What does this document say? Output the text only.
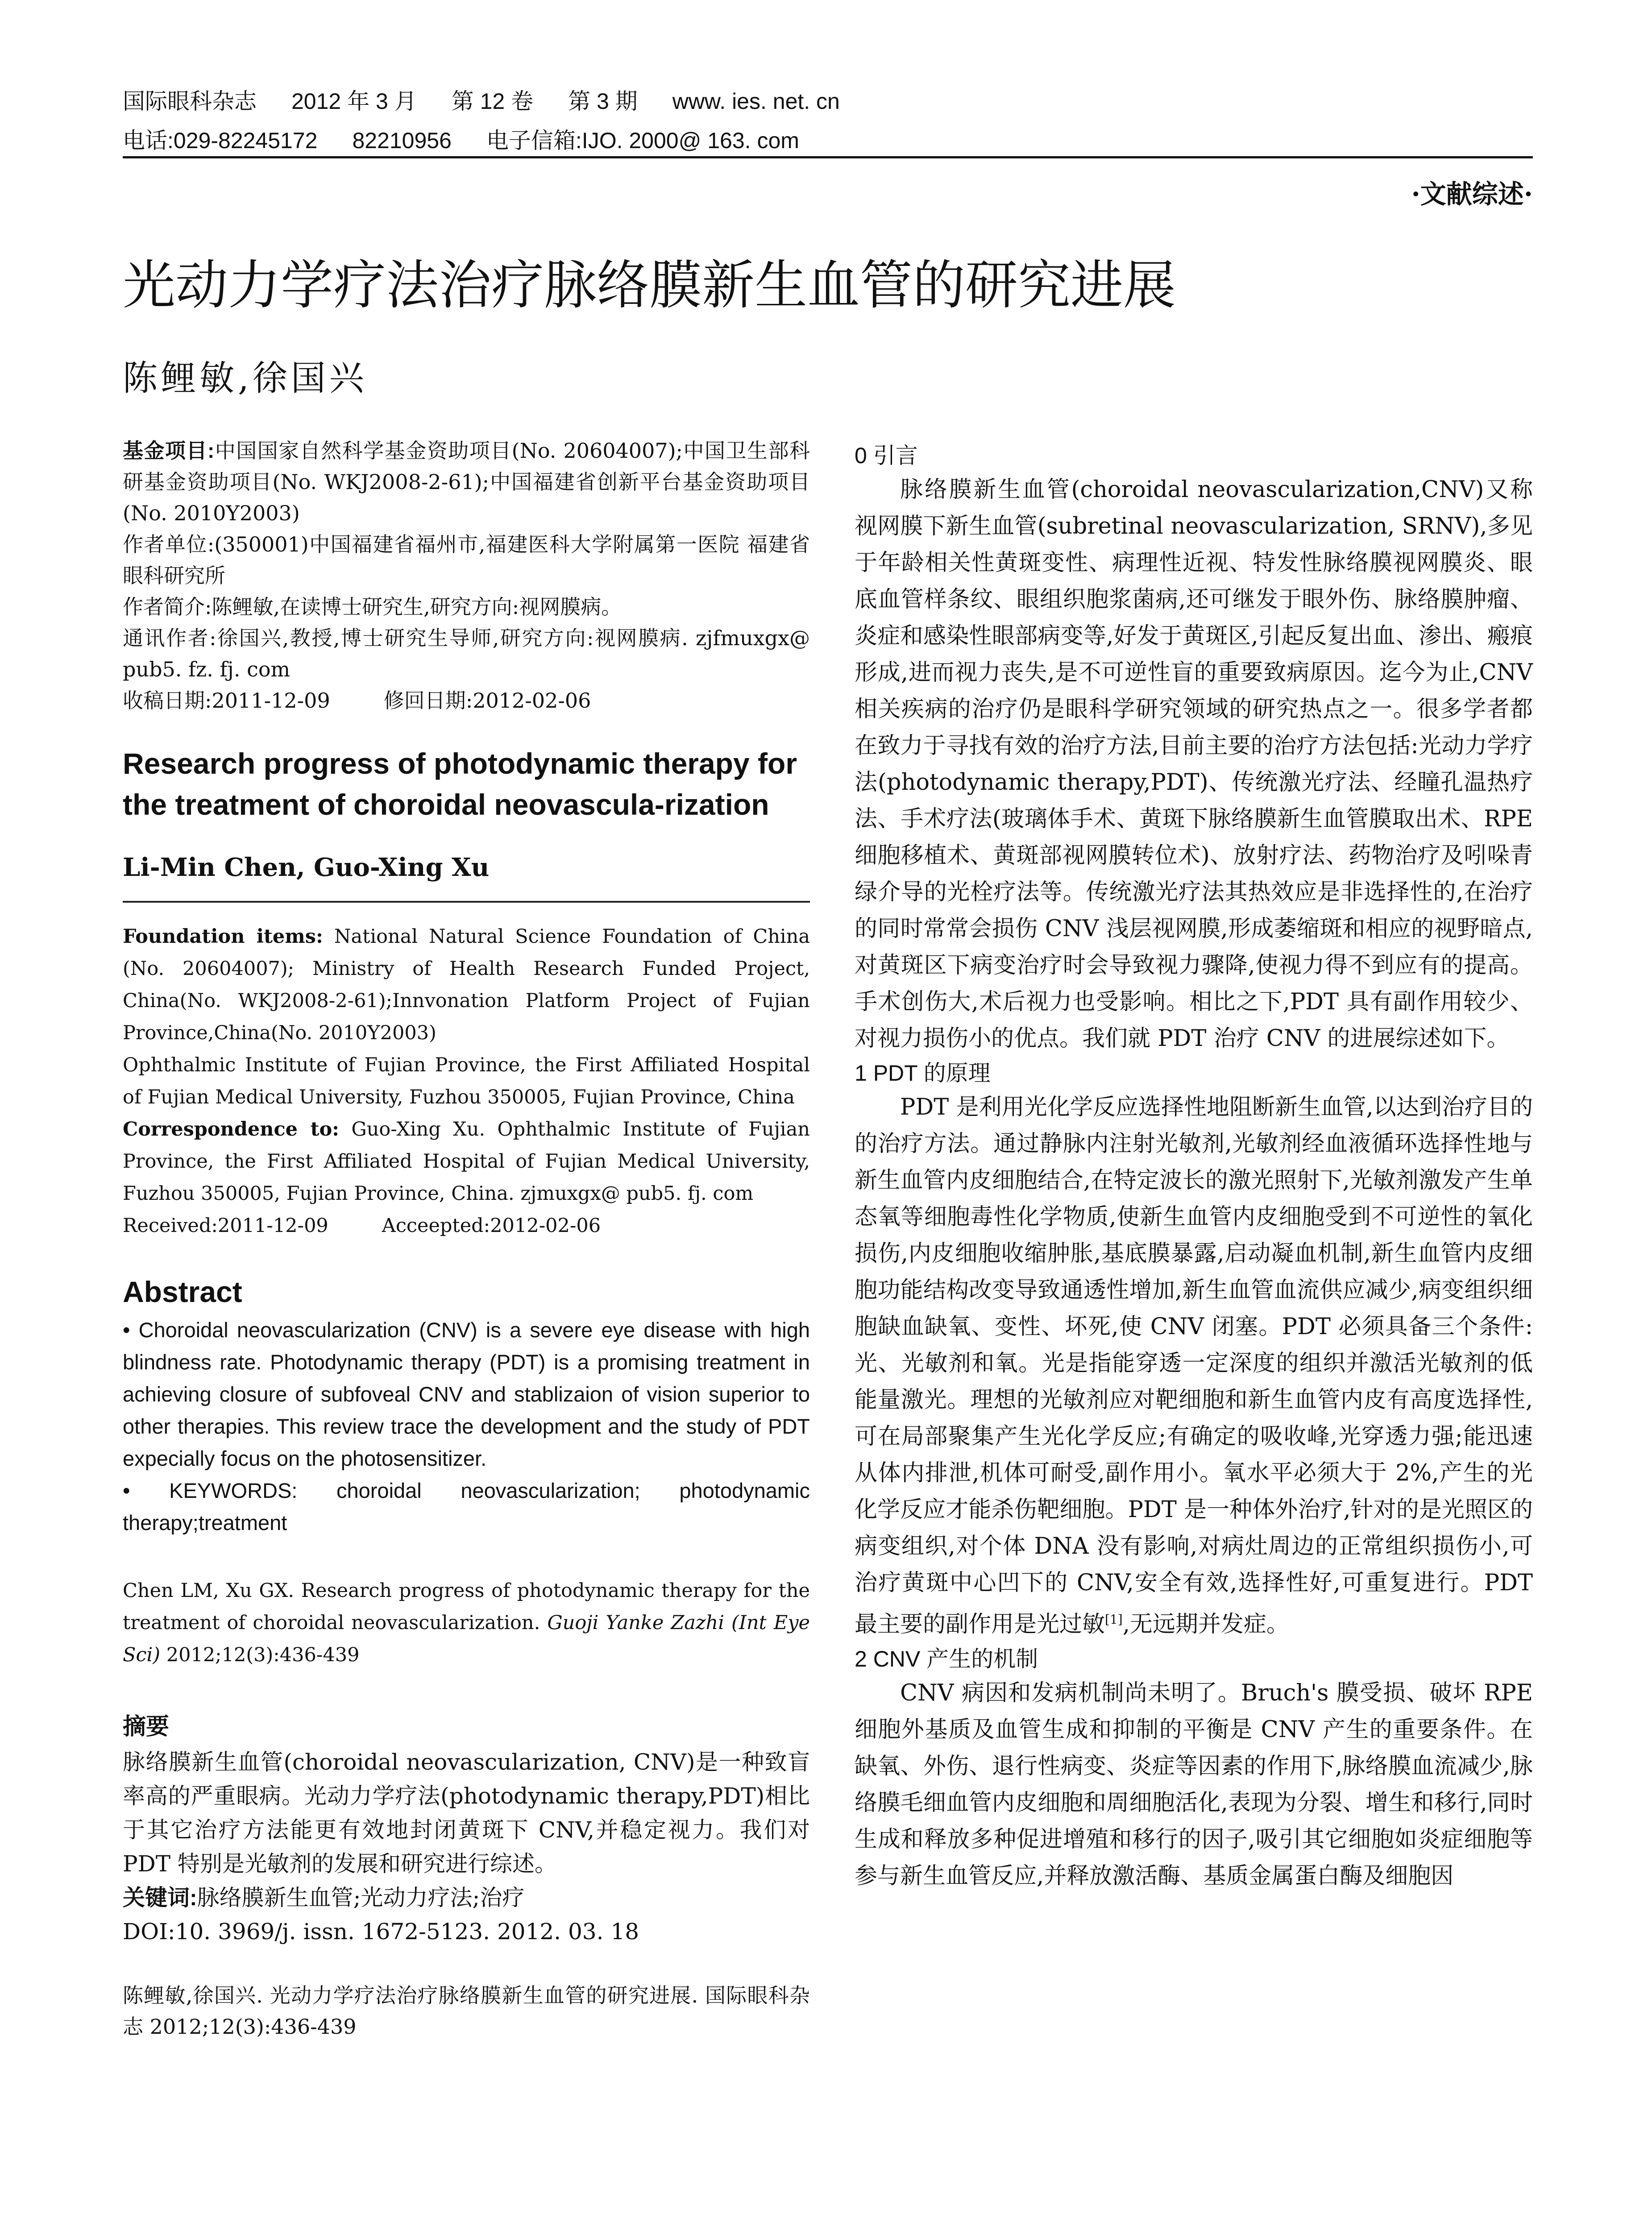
国际眼科杂志 2012 年 3 月 第 12 卷 第 3 期 www. ies. net. cn
电话:029-82245172 82210956 电子信箱:IJO. 2000@ 163. com
·文献综述·
光动力学疗法治疗脉络膜新生血管的研究进展
陈鲤敏,徐国兴

基金项目:中国国家自然科学基金资助项目(No. 20604007);中国卫生部科研基金资助项目(No. WKJ2008-2-61);中国福建省创新平台基金资助项目(No. 2010Y2003)

作者单位:(350001)中国福建省福州市,福建医科大学附属第一医院 福建省眼科研究所

作者简介:陈鲤敏,在读博士研究生,研究方向:视网膜病。

通讯作者:徐国兴,教授,博士研究生导师,研究方向:视网膜病. zjfmuxgx@ pub5. fz. fj. com

收稿日期:2011-12-09	修回日期:2012-02-06

Research progress of photodynamic therapy for the treatment of choroidal neovascula-rization
Li-Min Chen, Guo-Xing Xu

Foundation items: National Natural Science Foundation of China (No. 20604007); Ministry of Health Research Funded Project, China(No. WKJ2008-2-61);Innvonation Platform Project of Fujian Province,China(No. 2010Y2003)

Ophthalmic Institute of Fujian Province, the First Affiliated Hospital of Fujian Medical University, Fuzhou 350005, Fujian Province, China

Correspondence to: Guo-Xing Xu. Ophthalmic Institute of Fujian Province, the First Affiliated Hospital of Fujian Medical University, Fuzhou 350005, Fujian Province, China. zjmuxgx@ pub5. fj. com

Received:2011-12-09	Acceepted:2012-02-06

Abstract

• Choroidal neovascularization (CNV) is a severe eye disease with high blindness rate. Photodynamic therapy (PDT) is a promising treatment in achieving closure of subfoveal CNV and stablizaion of vision superior to other therapies. This review trace the development and the study of PDT expecially focus on the photosensitizer.

• KEYWORDS: choroidal neovascularization; photodynamic therapy;treatment

Chen LM, Xu GX. Research progress of photodynamic therapy for the treatment of choroidal neovascularization. Guoji Yanke Zazhi (Int Eye Sci) 2012;12(3):436-439

摘要

脉络膜新生血管(choroidal neovascularization, CNV)是一种致盲率高的严重眼病。光动力学疗法(photodynamic therapy,PDT)相比于其它治疗方法能更有效地封闭黄斑下 CNV,并稳定视力。我们对 PDT 特别是光敏剂的发展和研究进行综述。

关键词:脉络膜新生血管;光动力疗法;治疗

DOI:10. 3969/j. issn. 1672-5123. 2012. 03. 18

陈鲤敏,徐国兴. 光动力学疗法治疗脉络膜新生血管的研究进展. 国际眼科杂志 2012;12(3):436-439

0 引言

脉络膜新生血管(choroidal neovascularization,CNV)又称视网膜下新生血管(subretinal neovascularization, SRNV),多见于年龄相关性黄斑变性、病理性近视、特发性脉络膜视网膜炎、眼底血管样条纹、眼组织胞浆菌病,还可继发于眼外伤、脉络膜肿瘤、炎症和感染性眼部病变等,好发于黄斑区,引起反复出血、渗出、瘢痕形成,进而视力丧失,是不可逆性盲的重要致病原因。迄今为止,CNV 相关疾病的治疗仍是眼科学研究领域的研究热点之一。很多学者都在致力于寻找有效的治疗方法,目前主要的治疗方法包括:光动力学疗法(photodynamic therapy,PDT)、传统激光疗法、经瞳孔温热疗法、手术疗法(玻璃体手术、黄斑下脉络膜新生血管膜取出术、RPE 细胞移植术、黄斑部视网膜转位术)、放射疗法、药物治疗及吲哚青绿介导的光栓疗法等。传统激光疗法其热效应是非选择性的,在治疗的同时常常会损伤 CNV 浅层视网膜,形成萎缩斑和相应的视野暗点,对黄斑区下病变治疗时会导致视力骤降,使视力得不到应有的提高。手术创伤大,术后视力也受影响。相比之下,PDT 具有副作用较少、对视力损伤小的优点。我们就 PDT 治疗 CNV 的进展综述如下。

1 PDT 的原理

PDT 是利用光化学反应选择性地阻断新生血管,以达到治疗目的的治疗方法。通过静脉内注射光敏剂,光敏剂经血液循环选择性地与新生血管内皮细胞结合,在特定波长的激光照射下,光敏剂激发产生单态氧等细胞毒性化学物质,使新生血管内皮细胞受到不可逆性的氧化损伤,内皮细胞收缩肿胀,基底膜暴露,启动凝血机制,新生血管内皮细胞功能结构改变导致通透性增加,新生血管血流供应减少,病变组织细胞缺血缺氧、变性、坏死,使 CNV 闭塞。PDT 必须具备三个条件:光、光敏剂和氧。光是指能穿透一定深度的组织并激活光敏剂的低能量激光。理想的光敏剂应对靶细胞和新生血管内皮有高度选择性,可在局部聚集产生光化学反应;有确定的吸收峰,光穿透力强;能迅速从体内排泄,机体可耐受,副作用小。氧水平必须大于 2%,产生的光化学反应才能杀伤靶细胞。PDT 是一种体外治疗,针对的是光照区的病变组织,对个体 DNA 没有影响,对病灶周边的正常组织损伤小,可治疗黄斑中心凹下的 CNV,安全有效,选择性好,可重复进行。PDT 最主要的副作用是光过敏[1],无远期并发症。

2 CNV 产生的机制

CNV 病因和发病机制尚未明了。Bruch's 膜受损、破坏 RPE 细胞外基质及血管生成和抑制的平衡是 CNV 产生的重要条件。在缺氧、外伤、退行性病变、炎症等因素的作用下,脉络膜血流减少,脉络膜毛细血管内皮细胞和周细胞活化,表现为分裂、增生和移行,同时生成和释放多种促进增殖和移行的因子,吸引其它细胞如炎症细胞等参与新生血管反应,并释放激活酶、基质金属蛋白酶及细胞因
